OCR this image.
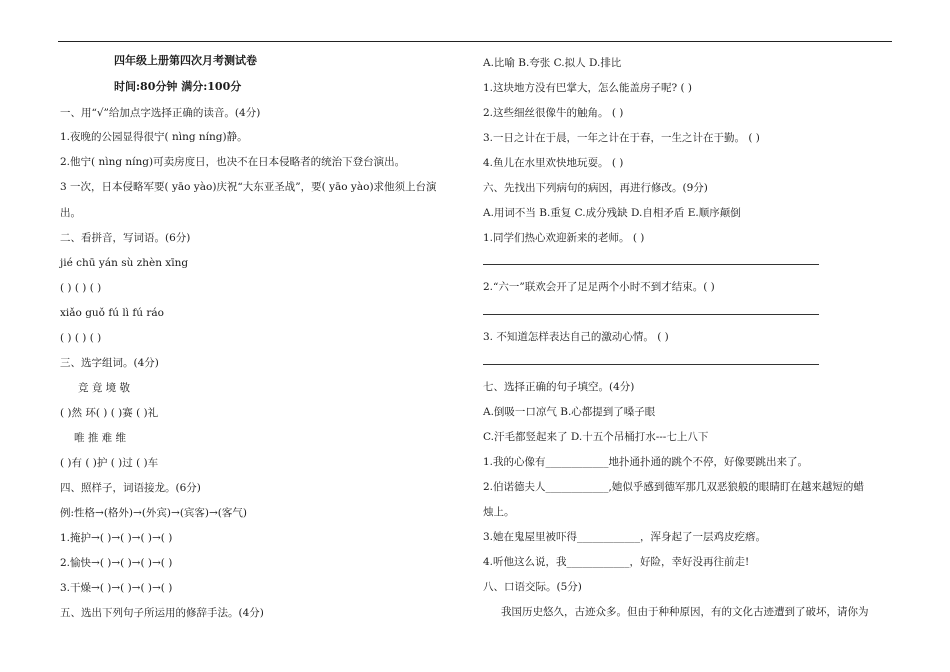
四年级上册第四次月考测试卷
时间:80分钟 满分:100分
一、用“√”给加点字选择正确的读音。(4分)
1.夜晚的公园显得很宁( nìng níng)静。
2.他宁( nìng níng)可卖房度日，也决不在日本侵略者的统治下登台演出。
3 一次，日本侵略军要( yāo yào)庆祝“大东亚圣战”，要( yāo yào)求他须上台演
出。
二、看拼音，写词语。(6分)
jié chū yán sù zhèn xīng
( ) ( ) ( )
xiǎo guǒ fú lì fú ráo
( ) ( ) ( )
三、选字组词。(4分)
竞 竟 境 敬
( )然 环( ) ( )赛 ( )礼
唯 推 难 维
( )有 ( )护 ( )过 ( )车
四、照样子，词语接龙。(6分)
例:性格→(格外)→(外宾)→(宾客)→(客气)
1.掩护→( )→( )→( )→( )
2.愉快→( )→( )→( )→( )
3.干燥→( )→( )→( )→( )
五、选出下列句子所运用的修辞手法。(4分)
A.比喻 B.夸张 C.拟人 D.排比
1.这块地方没有巴掌大，怎么能盖房子呢? ( )
2.这些细丝很像牛的触角。 ( )
3.一日之计在于晨，一年之计在于春，一生之计在于勤。 ( )
4.鱼儿在水里欢快地玩耍。 ( )
六、先找出下列病句的病因，再进行修改。(9分)
A.用词不当 B.重复 C.成分残缺 D.自相矛盾 E.顺序颠倒
1.同学们热心欢迎新来的老师。 ( )
2.“六一”联欢会开了足足两个小时不到才结束。( )
3. 不知道怎样表达自己的激动心情。 ( )
七、选择正确的句子填空。(4分)
A.倒吸一口凉气 B.心都提到了嗓子眼
C.汗毛都竖起来了 D.十五个吊桶打水---七上八下
1.我的心像有____________地扑通扑通的跳个不停，好像要跳出来了。
2.伯诺德夫人____________,她似乎感到德军那几双恶狼般的眼睛盯在越来越短的蜡
烛上。
3.她在鬼屋里被吓得____________，浑身起了一层鸡皮疙瘩。
4.听他这么说，我____________，好险，幸好没再往前走!
八、口语交际。(5分)
我国历史悠久，古迹众多。但由于种种原因，有的文化古迹遭到了破坏，请你为
